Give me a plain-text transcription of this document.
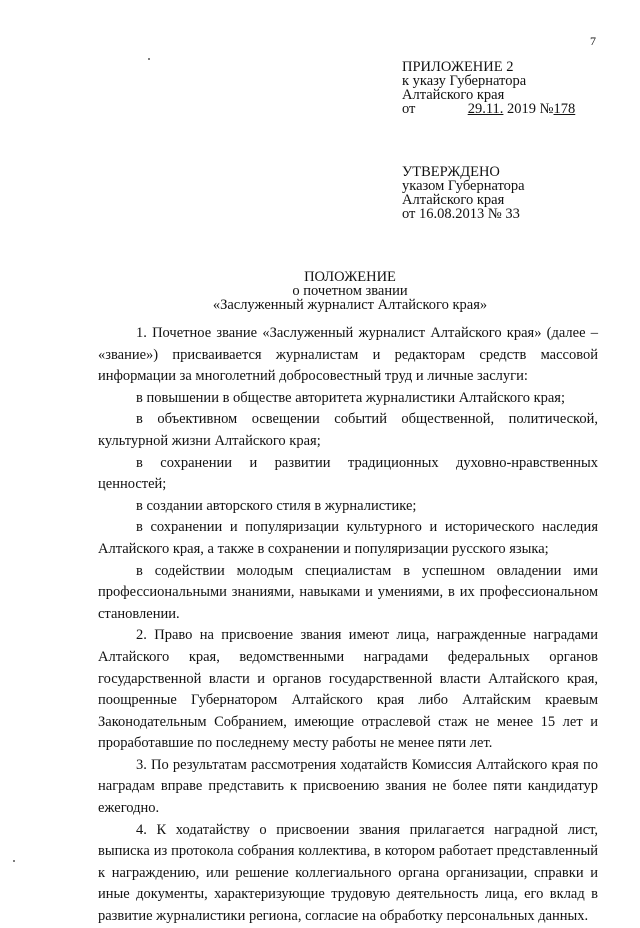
7
ПРИЛОЖЕНИЕ 2
к указу Губернатора
Алтайского края
от	29.11. 2019 №178
УТВЕРЖДЕНО
указом Губернатора
Алтайского края
от 16.08.2013 № 33
ПОЛОЖЕНИЕ
о почетном звании
«Заслуженный журналист Алтайского края»

1. Почетное звание «Заслуженный журналист Алтайского края» (далее – «звание») присваивается журналистам и редакторам средств массовой информации за многолетний добросовестный труд и личные заслуги:

в повышении в обществе авторитета журналистики Алтайского края;

в объективном освещении событий общественной, политической, культурной жизни Алтайского края;

в сохранении и развитии традиционных духовно-нравственных ценностей;

в создании авторского стиля в журналистике;

в сохранении и популяризации культурного и исторического наследия Алтайского края, а также в сохранении и популяризации русского языка;

в содействии молодым специалистам в успешном овладении ими профессиональными знаниями, навыками и умениями, в их профессиональном становлении.

2. Право на присвоение звания имеют лица, награжденные наградами Алтайского края, ведомственными наградами федеральных органов государственной власти и органов государственной власти Алтайского края, поощренные Губернатором Алтайского края либо Алтайским краевым Законодательным Собранием, имеющие отраслевой стаж не менее 15 лет и проработавшие по последнему месту работы не менее пяти лет.

3. По результатам рассмотрения ходатайств Комиссия Алтайского края по наградам вправе представить к присвоению звания не более пяти кандидатур ежегодно.

4. К ходатайству о присвоении звания прилагается наградной лист, выписка из протокола собрания коллектива, в котором работает представленный к награждению, или решение коллегиального органа организации, справки и иные документы, характеризующие трудовую деятельность лица, его вклад в развитие журналистики региона, согласие на обработку персональных данных.
